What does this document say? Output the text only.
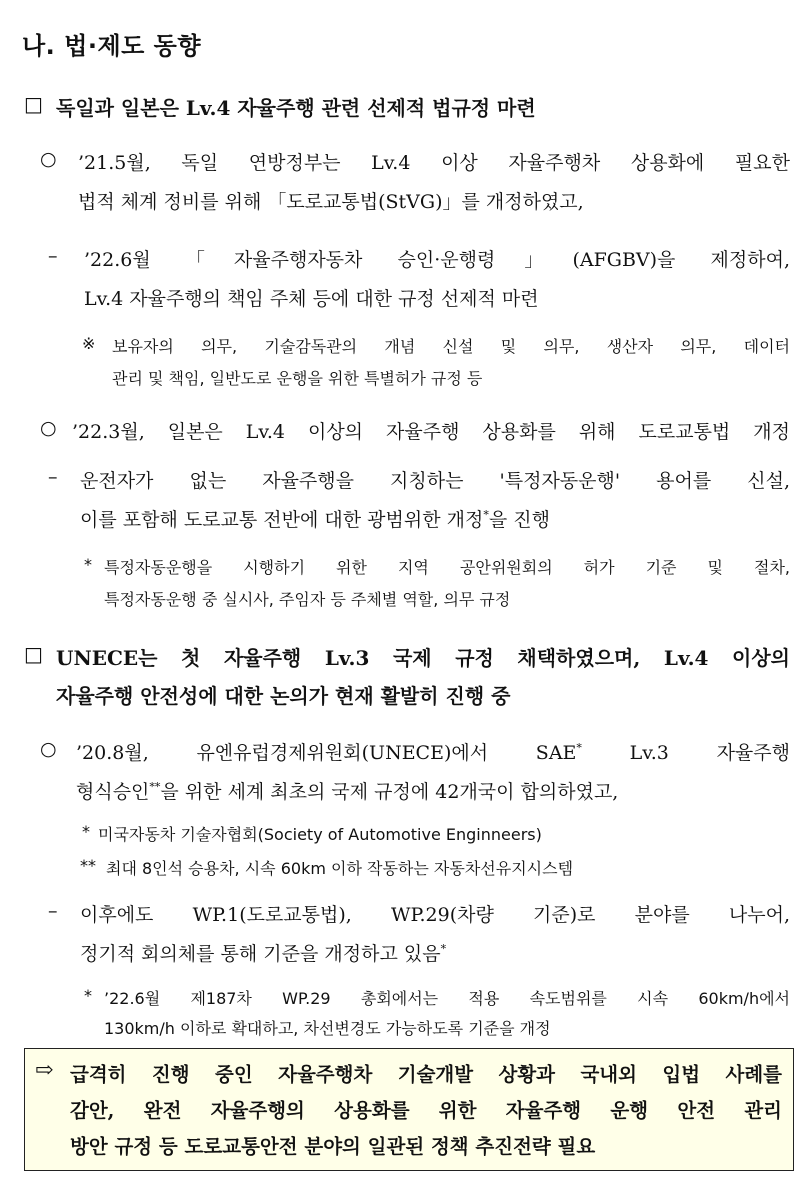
나. 법·제도 동향
□ 독일과 일본은 Lv.4 자율주행 관련 선제적 법규정 마련
○ ’21.5월, 독일 연방정부는 Lv.4 이상 자율주행차 상용화에 필요한
법적 체계 정비를 위해 「도로교통법(StVG)」를 개정하였고,
– ’22.6월 「자율주행자동차 승인·운행령」(AFGBV)을 제정하여,
Lv.4 자율주행의 책임 주체 등에 대한 규정 선제적 마련
※ 보유자의 의무, 기술감독관의 개념 신설 및 의무, 생산자 의무, 데이터
관리 및 책임, 일반도로 운행을 위한 특별허가 규정 등
○ ’22.3월, 일본은 Lv.4 이상의 자율주행 상용화를 위해 도로교통법 개정
– 운전자가 없는 자율주행을 지칭하는 '특정자동운행' 용어를 신설,
이를 포함해 도로교통 전반에 대한 광범위한 개정*을 진행
* 특정자동운행을 시행하기 위한 지역 공안위원회의 허가 기준 및 절차,
특정자동운행 중 실시사, 주임자 등 주체별 역할, 의무 규정
□ UNECE는 첫 자율주행 Lv.3 국제 규정 채택하였으며, Lv.4 이상의
자율주행 안전성에 대한 논의가 현재 활발히 진행 중
○ ’20.8월, 유엔유럽경제위원회(UNECE)에서 SAE* Lv.3 자율주행
형식승인**을 위한 세계 최초의 국제 규정에 42개국이 합의하였고,
* 미국자동차 기술자협회(Society of Automotive Enginneers)
** 최대 8인석 승용차, 시속 60km 이하 작동하는 자동차선유지시스템
– 이후에도 WP.1(도로교통법), WP.29(차량 기준)로 분야를 나누어,
정기적 회의체를 통해 기준을 개정하고 있음*
* ’22.6월 제187차 WP.29 총회에서는 적용 속도범위를 시속 60km/h에서
130km/h 이하로 확대하고, 차선변경도 가능하도록 기준을 개정
⇨ 급격히 진행 중인 자율주행차 기술개발 상황과 국내외 입법 사례를
감안, 완전 자율주행의 상용화를 위한 자율주행 운행 안전 관리
방안 규정 등 도로교통안전 분야의 일관된 정책 추진전략 필요
